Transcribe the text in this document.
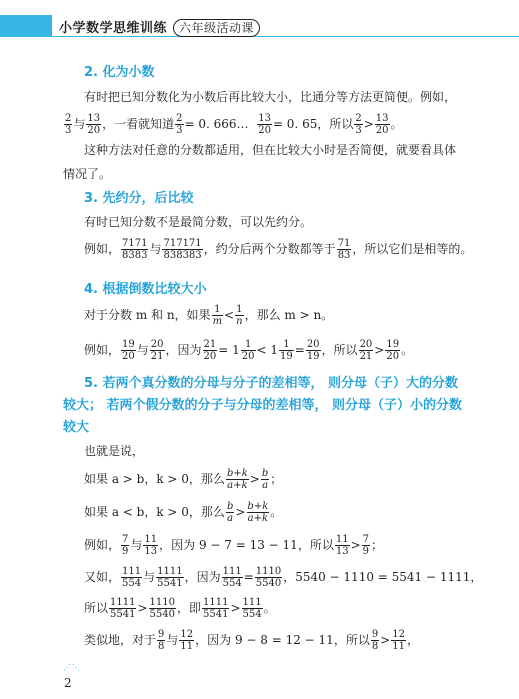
小学数学思维训练 六年级活动课
2. 化为小数
有时把已知分数化为小数后再比较大小，比通分等方法更简便。例如，
$\frac{2}{3}$ 与 $\frac{13}{20}$ ，一看就知道 $\frac{2}{3} = 0$. 666… $\frac{13}{20} = 0$. 65，所以 $\frac{2}{3} > \frac{13}{20}$ 。
这种方法对任意的分数都适用，但在比较大小时是否简便，就要看具体情况了。
3. 先约分，后比较
有时已知分数不是最简分数，可以先约分。
例如， $\frac{7171}{8383}$ 与 $\frac{717171}{838383}$ ，约分后两个分数都等于 $\frac{71}{83}$ ，所以它们是相等的。
4. 根据倒数比较大小
对于分数 m 和 n，如果 $\frac{1}{m} < \frac{1}{n}$ ，那么 m > n。
例如， $\frac{19}{20}$ 与 $\frac{20}{21}$ ，因为 $\frac{21}{20} = 1 \frac{1}{20} < 1 \frac{1}{19} = \frac{20}{19}$ ，所以 $\frac{20}{21} > \frac{19}{20}$ 。
5. 若两个真分数的分母与分子的差相等， 则分母（子）大的分数较大； 若两个假分数的分子与分母的差相等， 则分母（子）小的分数较大
也就是说，
如果 a > b，k > 0，那么 $\frac{b+k}{a+k} > \frac{b}{a}$ ；
如果 a < b，k > 0，那么 $\frac{b}{a} > \frac{b+k}{a+k}$ 。
例如， $\frac{7}{9}$ 与 $\frac{11}{13}$ ，因为 9 − 7 = 13 − 11，所以 $\frac{11}{13} > \frac{7}{9}$ ；
又如， $\frac{111}{554}$ 与 $\frac{1111}{5541}$ ，因为 $\frac{111}{554} = \frac{1110}{5540}$ ，5540 − 1110 = 5541 − 1111，
所以 $\frac{1111}{5541} > \frac{1110}{5540}$ ，即 $\frac{1111}{5541} > \frac{111}{554}$ 。
类似地，对于 $\frac{9}{8}$ 与 $\frac{12}{11}$ ，因为 9 − 8 = 12 − 11，所以 $\frac{9}{8} > \frac{12}{11}$ ，
⋰⋱
2
